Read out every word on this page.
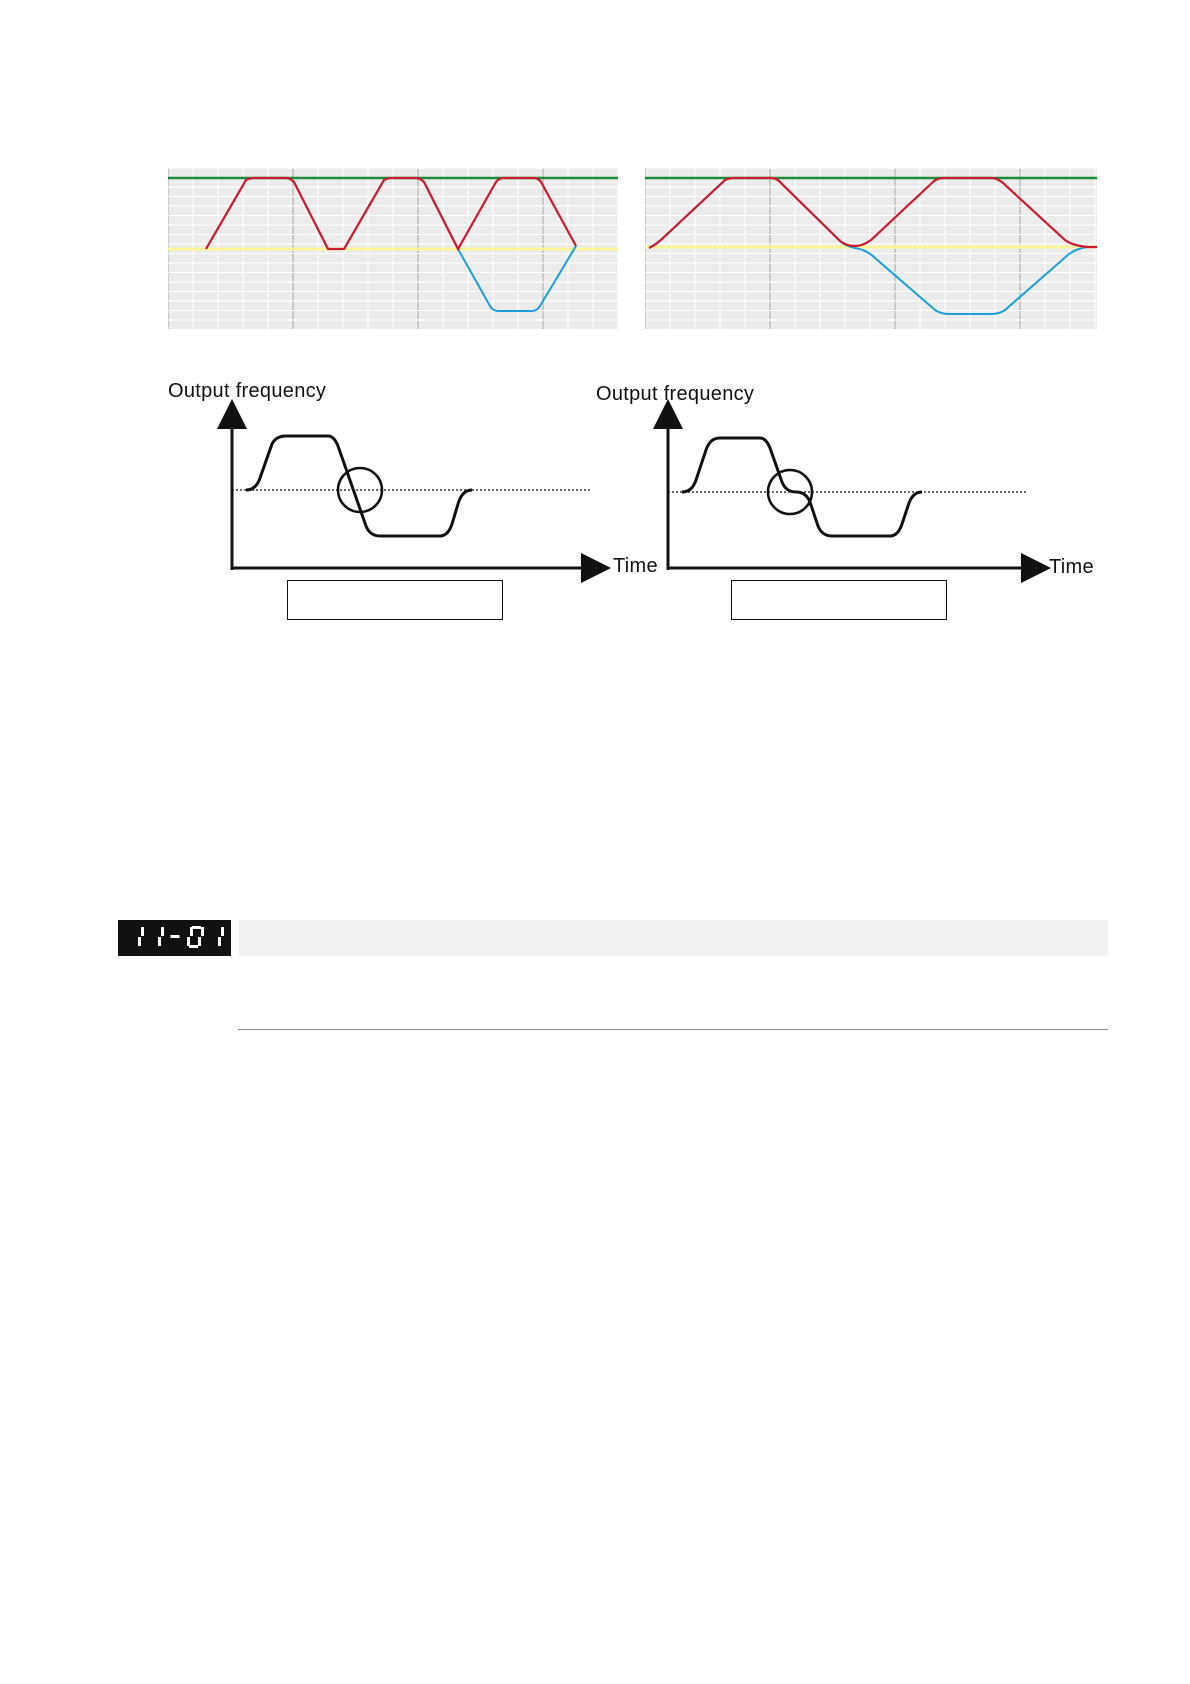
Output frequency
Time
Output frequency
Time
